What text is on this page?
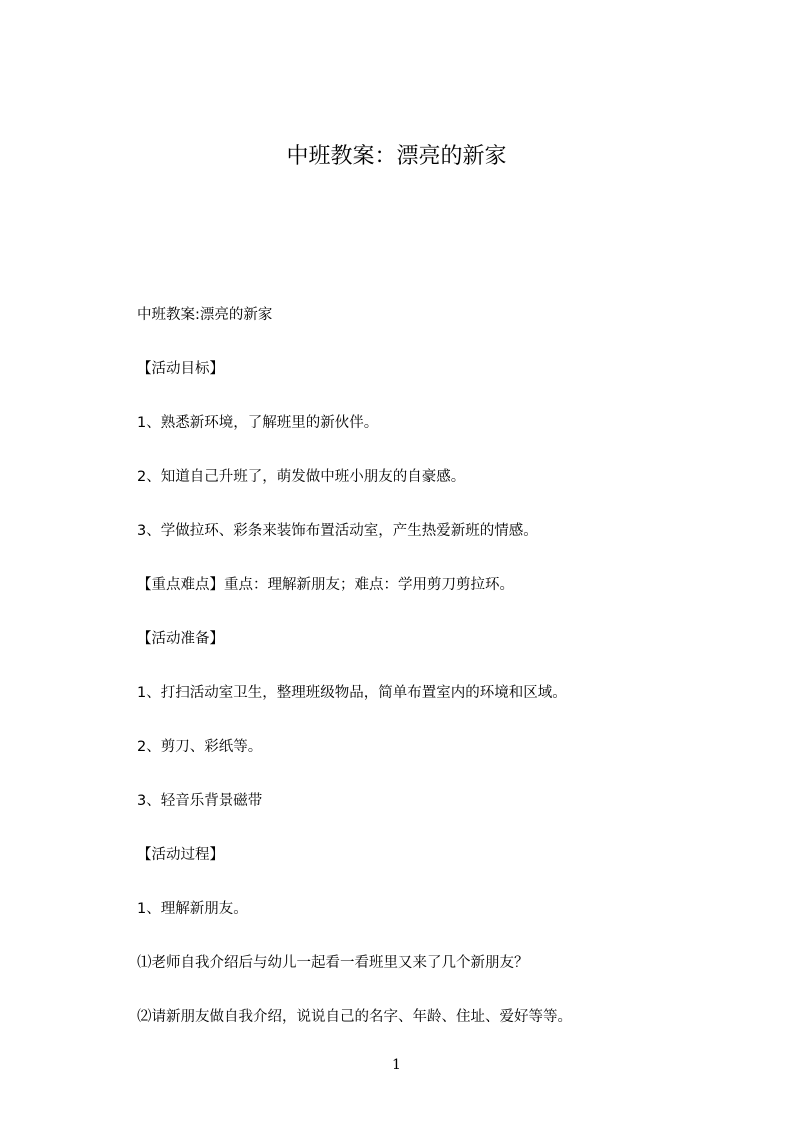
中班教案：漂亮的新家

中班教案:漂亮的新家

【活动目标】

1、熟悉新环境，了解班里的新伙伴。

2、知道自己升班了，萌发做中班小朋友的自豪感。

3、学做拉环、彩条来装饰布置活动室，产生热爱新班的情感。

【重点难点】重点：理解新朋友；难点：学用剪刀剪拉环。

【活动准备】

1、打扫活动室卫生，整理班级物品，简单布置室内的环境和区域。

2、剪刀、彩纸等。

3、轻音乐背景磁带

【活动过程】

1、理解新朋友。

⑴老师自我介绍后与幼儿一起看一看班里又来了几个新朋友？

⑵请新朋友做自我介绍，说说自己的名字、年龄、住址、爱好等等。

1
